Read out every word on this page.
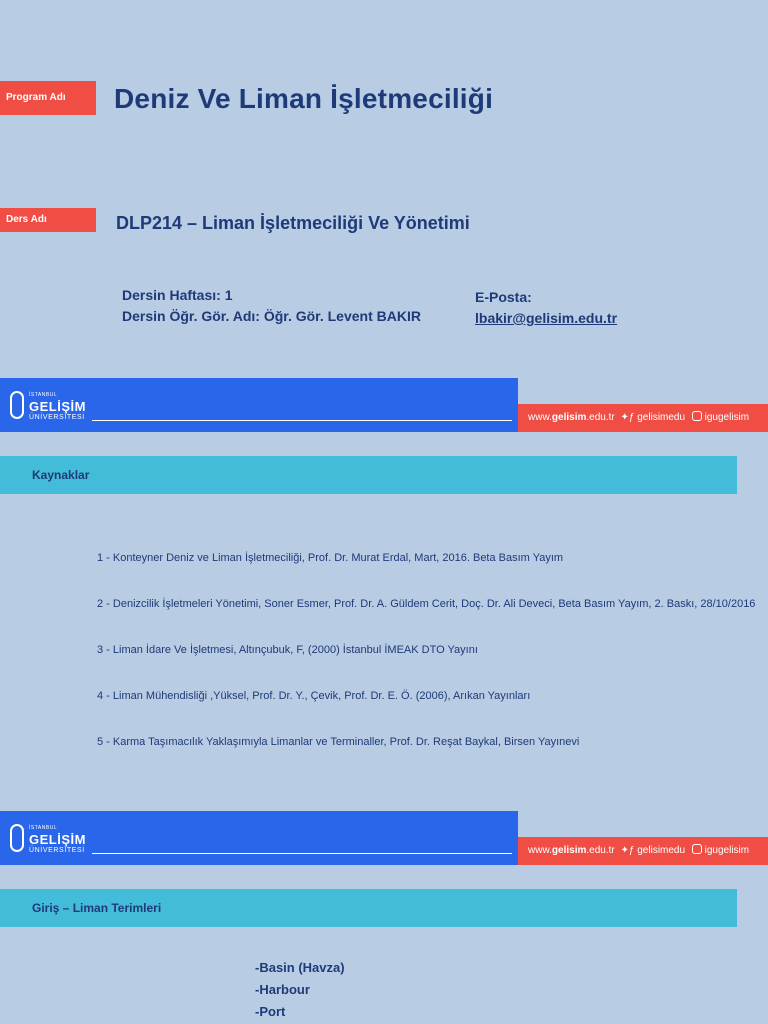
Program Adı	Deniz Ve Liman İşletmeciliği
Ders Adı	DLP214 – Liman İşletmeciliği Ve Yönetimi
Dersin Haftası: 1
Dersin Öğr. Gör. Adı: Öğr. Gör. Levent BAKIR
E-Posta:
lbakir@gelisim.edu.tr
İSTANBUL
GELİŞİM
ÜNİVERSİTESİ	www.gelisim.edu.tr ✦ƒ gelisimedu igugelisim
Kaynaklar
1 - Konteyner Deniz ve Liman İşletmeciliği, Prof. Dr. Murat Erdal, Mart, 2016. Beta Basım Yayım
2 - Denizcilik İşletmeleri Yönetimi, Soner Esmer, Prof. Dr. A. Güldem Cerit, Doç. Dr. Ali Deveci, Beta Basım Yayım, 2. Baskı, 28/10/2016
3 - Liman İdare Ve İşletmesi, Altınçubuk, F, (2000) İstanbul İMEAK DTO Yayını
4 - Liman Mühendisliği ,Yüksel, Prof. Dr. Y., Çevik, Prof. Dr. E. Ö. (2006), Arıkan Yayınları
5 - Karma Taşımacılık Yaklaşımıyla Limanlar ve Terminaller, Prof. Dr. Reşat Baykal, Birsen Yayınevi
İSTANBUL
GELİŞİM
ÜNİVERSİTESİ	www.gelisim.edu.tr ✦ƒ gelisimedu igugelisim
Giriş – Liman Terimleri
-Basin (Havza)
-Harbour
-Port
